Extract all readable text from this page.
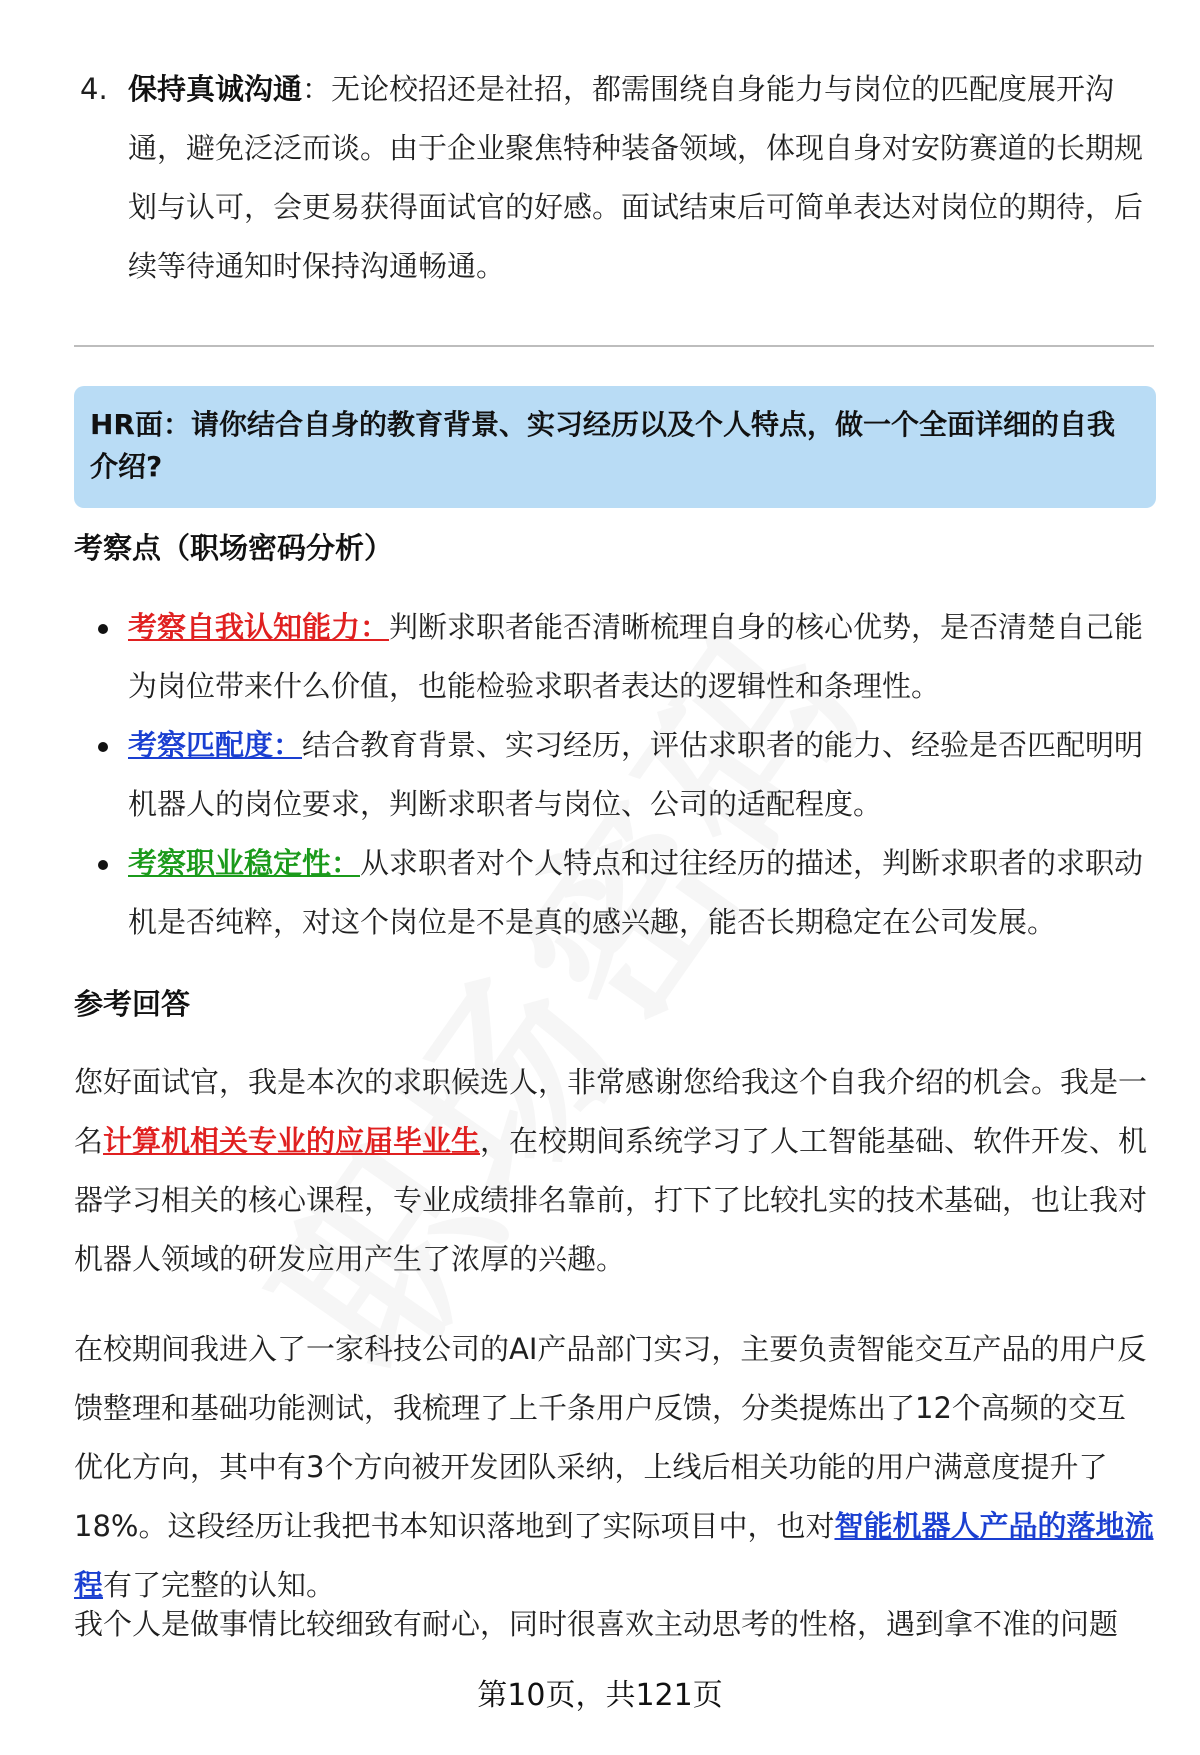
4. 保持真诚沟通：无论校招还是社招，都需围绕自身能力与岗位的匹配度展开沟通，避免泛泛而谈。由于企业聚焦特种装备领域，体现自身对安防赛道的长期规划与认可，会更易获得面试官的好感。面试结束后可简单表达对岗位的期待，后续等待通知时保持沟通畅通。
HR面：请你结合自身的教育背景、实习经历以及个人特点，做一个全面详细的自我介绍?
考察点（职场密码分析）
考察自我认知能力：判断求职者能否清晰梳理自身的核心优势，是否清楚自己能为岗位带来什么价值，也能检验求职者表达的逻辑性和条理性。
考察匹配度：结合教育背景、实习经历，评估求职者的能力、经验是否匹配明明机器人的岗位要求，判断求职者与岗位、公司的适配程度。
考察职业稳定性：从求职者对个人特点和过往经历的描述，判断求职者的求职动机是否纯粹，对这个岗位是不是真的感兴趣，能否长期稳定在公司发展。
参考回答
您好面试官，我是本次的求职候选人，非常感谢您给我这个自我介绍的机会。我是一名计算机相关专业的应届毕业生，在校期间系统学习了人工智能基础、软件开发、机器学习相关的核心课程，专业成绩排名靠前，打下了比较扎实的技术基础，也让我对机器人领域的研发应用产生了浓厚的兴趣。
在校期间我进入了一家科技公司的AI产品部门实习，主要负责智能交互产品的用户反馈整理和基础功能测试，我梳理了上千条用户反馈，分类提炼出了12个高频的交互优化方向，其中有3个方向被开发团队采纳，上线后相关功能的用户满意度提升了18%。这段经历让我把书本知识落地到了实际项目中，也对智能机器人产品的落地流程有了完整的认知。
我个人是做事情比较细致有耐心，同时很喜欢主动思考的性格，遇到拿不准的问题
第10页，共121页
